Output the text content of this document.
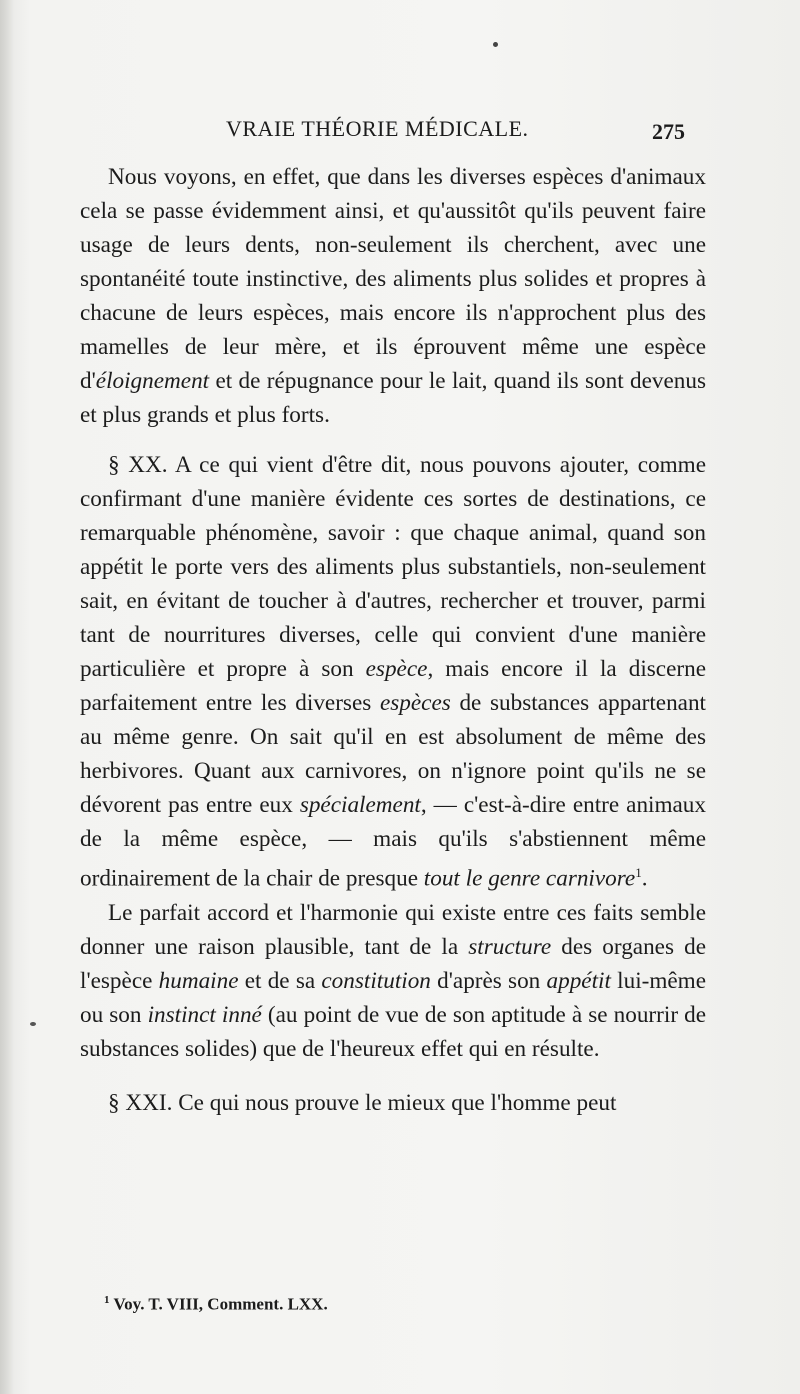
VRAIE THÉORIE MÉDICALE.	275

Nous voyons, en effet, que dans les diverses espèces d'animaux cela se passe évidemment ainsi, et qu'aussitôt qu'ils peuvent faire usage de leurs dents, non-seulement ils cherchent, avec une spontanéité toute instinctive, des aliments plus solides et propres à chacune de leurs espèces, mais encore ils n'approchent plus des mamelles de leur mère, et ils éprouvent même une espèce d'éloignement et de répugnance pour le lait, quand ils sont devenus et plus grands et plus forts.

§ XX. A ce qui vient d'être dit, nous pouvons ajouter, comme confirmant d'une manière évidente ces sortes de destinations, ce remarquable phénomène, savoir : que chaque animal, quand son appétit le porte vers des aliments plus substantiels, non-seulement sait, en évitant de toucher à d'autres, rechercher et trouver, parmi tant de nourritures diverses, celle qui convient d'une manière particulière et propre à son espèce, mais encore il la discerne parfaitement entre les diverses espèces de substances appartenant au même genre. On sait qu'il en est absolument de même des herbivores. Quant aux carnivores, on n'ignore point qu'ils ne se dévorent pas entre eux spécialement, — c'est-à-dire entre animaux de la même espèce, — mais qu'ils s'abstiennent même ordinairement de la chair de presque tout le genre carnivore$^1$.

Le parfait accord et l'harmonie qui existe entre ces faits semble donner une raison plausible, tant de la structure des organes de l'espèce humaine et de sa constitution d'après son appétit lui-même ou son instinct inné (au point de vue de son aptitude à se nourrir de substances solides) que de l'heureux effet qui en résulte.

§ XXI. Ce qui nous prouve le mieux que l'homme peut

$^1$ Voy. T. VIII, Comment. LXX.
